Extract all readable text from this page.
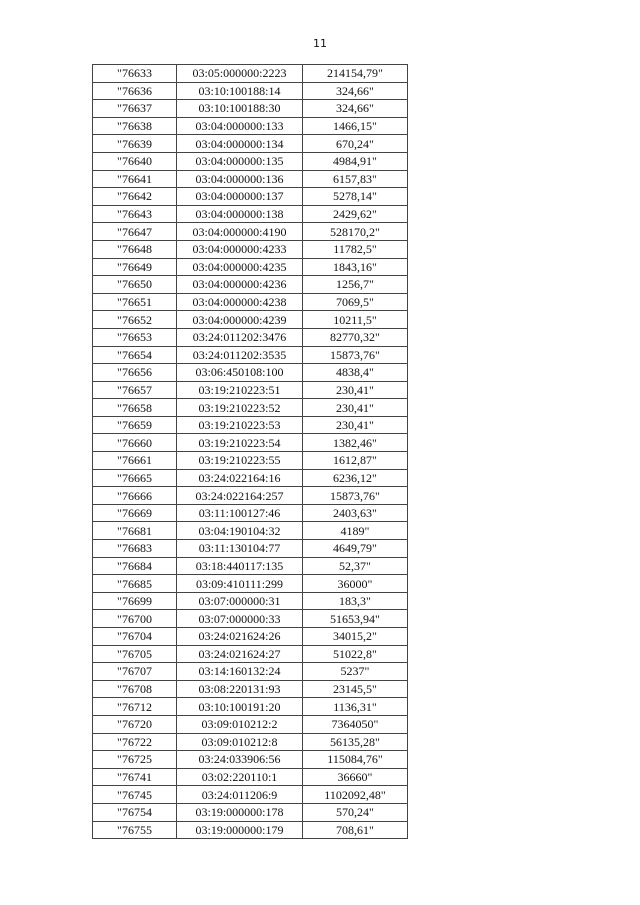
11
"76633	03:05:000000:2223	214154,79"
"76636	03:10:100188:14	324,66"
"76637	03:10:100188:30	324,66"
"76638	03:04:000000:133	1466,15"
"76639	03:04:000000:134	670,24"
"76640	03:04:000000:135	4984,91"
"76641	03:04:000000:136	6157,83"
"76642	03:04:000000:137	5278,14"
"76643	03:04:000000:138	2429,62"
"76647	03:04:000000:4190	528170,2"
"76648	03:04:000000:4233	11782,5"
"76649	03:04:000000:4235	1843,16"
"76650	03:04:000000:4236	1256,7"
"76651	03:04:000000:4238	7069,5"
"76652	03:04:000000:4239	10211,5"
"76653	03:24:011202:3476	82770,32"
"76654	03:24:011202:3535	15873,76"
"76656	03:06:450108:100	4838,4"
"76657	03:19:210223:51	230,41"
"76658	03:19:210223:52	230,41"
"76659	03:19:210223:53	230,41"
"76660	03:19:210223:54	1382,46"
"76661	03:19:210223:55	1612,87"
"76665	03:24:022164:16	6236,12"
"76666	03:24:022164:257	15873,76"
"76669	03:11:100127:46	2403,63"
"76681	03:04:190104:32	4189"
"76683	03:11:130104:77	4649,79"
"76684	03:18:440117:135	52,37"
"76685	03:09:410111:299	36000"
"76699	03:07:000000:31	183,3"
"76700	03:07:000000:33	51653,94"
"76704	03:24:021624:26	34015,2"
"76705	03:24:021624:27	51022,8"
"76707	03:14:160132:24	5237"
"76708	03:08:220131:93	23145,5"
"76712	03:10:100191:20	1136,31"
"76720	03:09:010212:2	7364050"
"76722	03:09:010212:8	56135,28"
"76725	03:24:033906:56	115084,76"
"76741	03:02:220110:1	36660"
"76745	03:24:011206:9	1102092,48"
"76754	03:19:000000:178	570,24"
"76755	03:19:000000:179	708,61"
